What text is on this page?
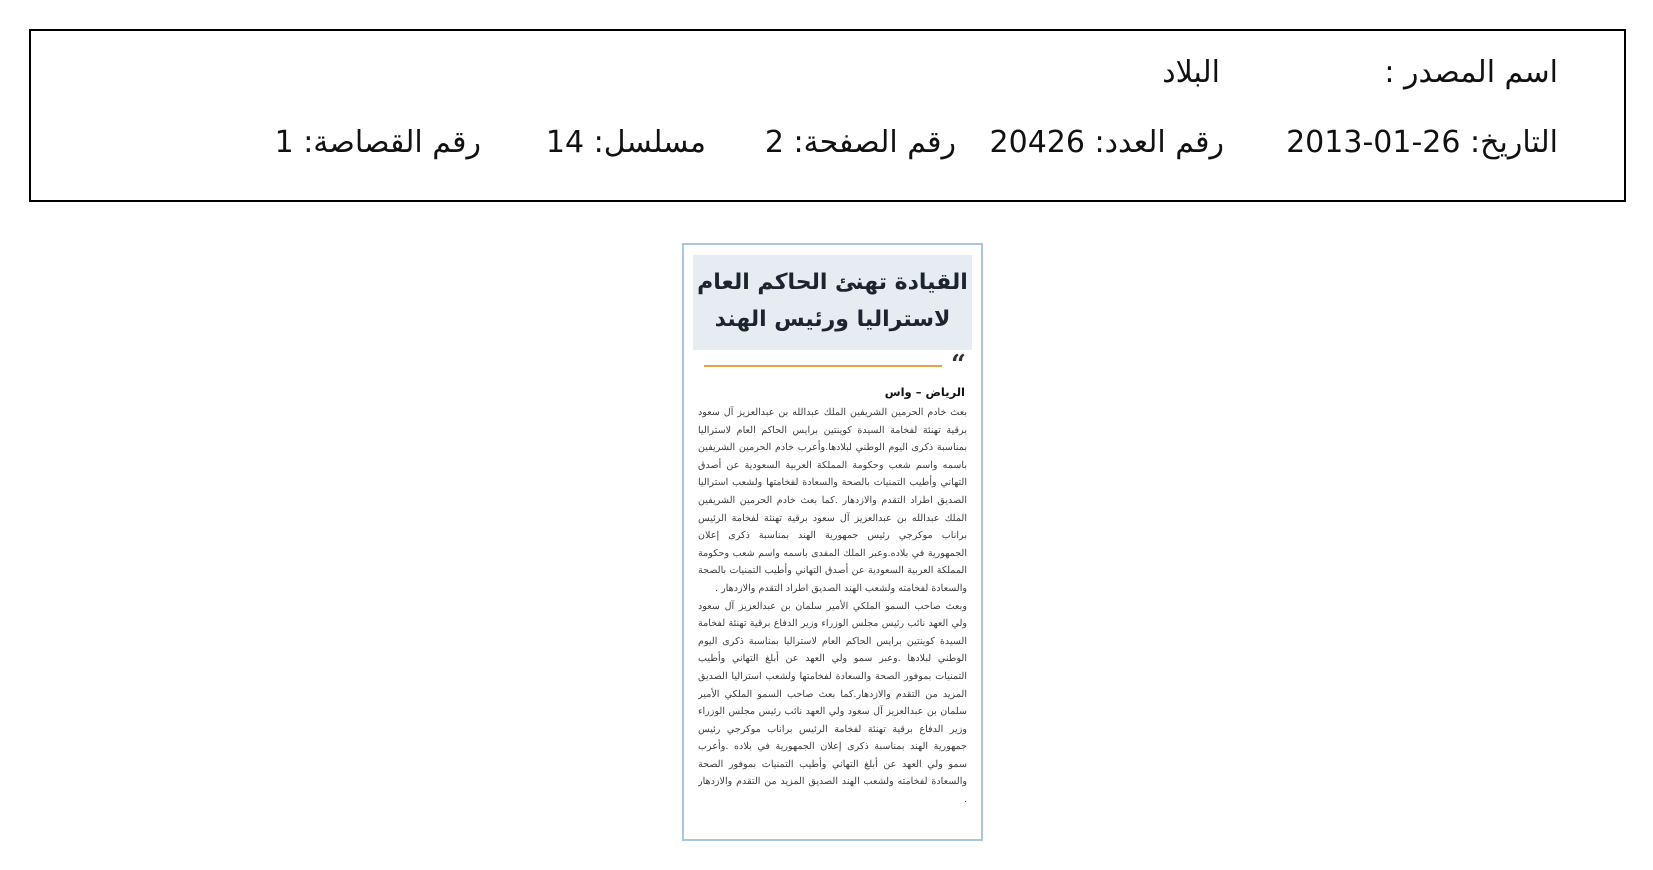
اسم المصدر :
البلاد
التاريخ: 26-01-2013
رقم العدد: 20426
رقم الصفحة: 2
مسلسل: 14
رقم القصاصة: 1
القيادة تهنئ الحاكم العام
لاستراليا ورئيس الهند
“
الرياض – واس

بعث خادم الحرمين الشريفين الملك عبدالله بن عبدالعزيز آل سعود برقية تهنئة لفخامة السيدة كوينتين برايس الحاكم العام لاستراليا بمناسبة ذكرى اليوم الوطني لبلادها.وأعرب خادم الحرمين الشريفين باسمه واسم شعب وحكومة المملكة العربية السعودية عن أصدق التهاني وأطيب التمنيات بالصحة والسعادة لفخامتها ولشعب استراليا الصديق اطراد التقدم والازدهار .كما بعث خادم الحرمين الشريفين الملك عبدالله بن عبدالعزيز آل سعود برقية تهنئة لفخامة الرئيس براناب موكرجي رئيس جمهورية الهند بمناسبة ذكرى إعلان الجمهورية في بلاده.وعبر الملك المفدى باسمه واسم شعب وحكومة المملكة العربية السعودية عن أصدق التهاني وأطيب التمنيات بالصحة والسعادة لفخامته ولشعب الهند الصديق اطراد التقدم والازدهار .

وبعث صاحب السمو الملكي الأمير سلمان بن عبدالعزيز آل سعود ولي العهد نائب رئيس مجلس الوزراء وزير الدفاع برقية تهنئة لفخامة السيدة كوينتين برايس الحاكم العام لاستراليا بمناسبة ذكرى اليوم الوطني لبلادها .وعبر سمو ولي العهد عن أبلغ التهاني وأطيب التمنيات بموفور الصحة والسعادة لفخامتها ولشعب استراليا الصديق المزيد من التقدم والازدهار.كما بعث صاحب السمو الملكي الأمير سلمان بن عبدالعزيز آل سعود ولي العهد نائب رئيس مجلس الوزراء وزير الدفاع برقية تهنئة لفخامة الرئيس براناب موكرجي رئيس جمهورية الهند بمناسبة ذكرى إعلان الجمهورية في بلاده .وأعرب سمو ولي العهد عن أبلغ التهاني وأطيب التمنيات بموفور الصحة والسعادة لفخامته ولشعب الهند الصديق المزيد من التقدم والازدهار .
